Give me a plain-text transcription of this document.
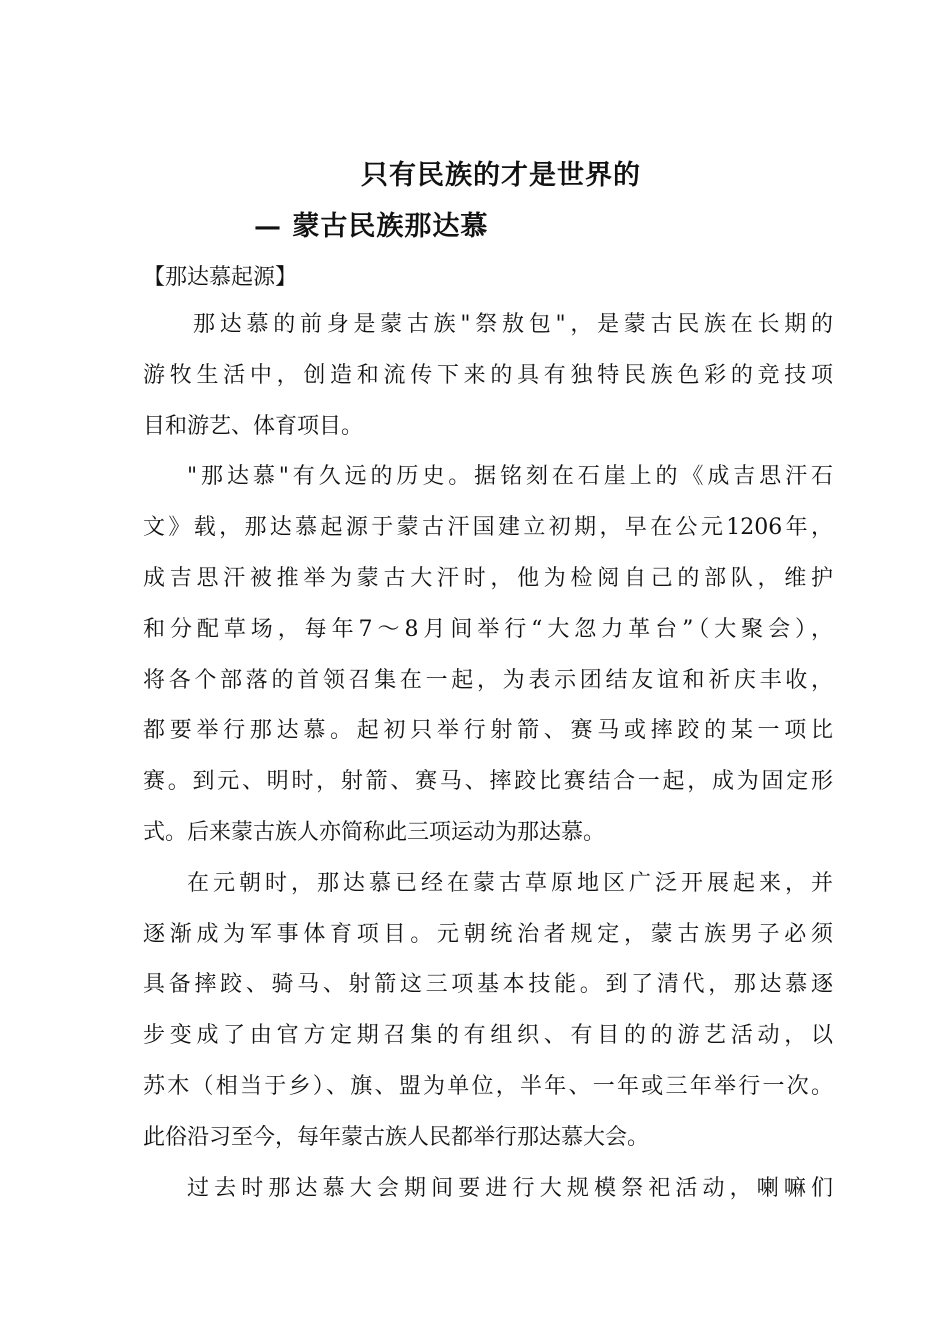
只有民族的才是世界的
— 蒙古民族那达慕
【那达慕起源】
那达慕的前身是蒙古族"祭敖包"，是蒙古民族在长期的
游牧生活中，创造和流传下来的具有独特民族色彩的竞技项
目和游艺、体育项目。
"那达慕"有久远的历史。据铭刻在石崖上的《成吉思汗石
文》载，那达慕起源于蒙古汗国建立初期，早在公元1206年，
成吉思汗被推举为蒙古大汗时，他为检阅自己的部队，维护
和分配草场，每年7～8月间举行“大忽力革台”（大聚会），
将各个部落的首领召集在一起，为表示团结友谊和祈庆丰收，
都要举行那达慕。起初只举行射箭、赛马或摔跤的某一项比
赛。到元、明时，射箭、赛马、摔跤比赛结合一起，成为固定形
式。后来蒙古族人亦简称此三项运动为那达慕。
在元朝时，那达慕已经在蒙古草原地区广泛开展起来，并
逐渐成为军事体育项目。元朝统治者规定，蒙古族男子必须
具备摔跤、骑马、射箭这三项基本技能。到了清代，那达慕逐
步变成了由官方定期召集的有组织、有目的的游艺活动，以
苏木（相当于乡）、旗、盟为单位，半年、一年或三年举行一次。
此俗沿习至今，每年蒙古族人民都举行那达慕大会。
过去时那达慕大会期间要进行大规模祭祀活动，喇嘛们
